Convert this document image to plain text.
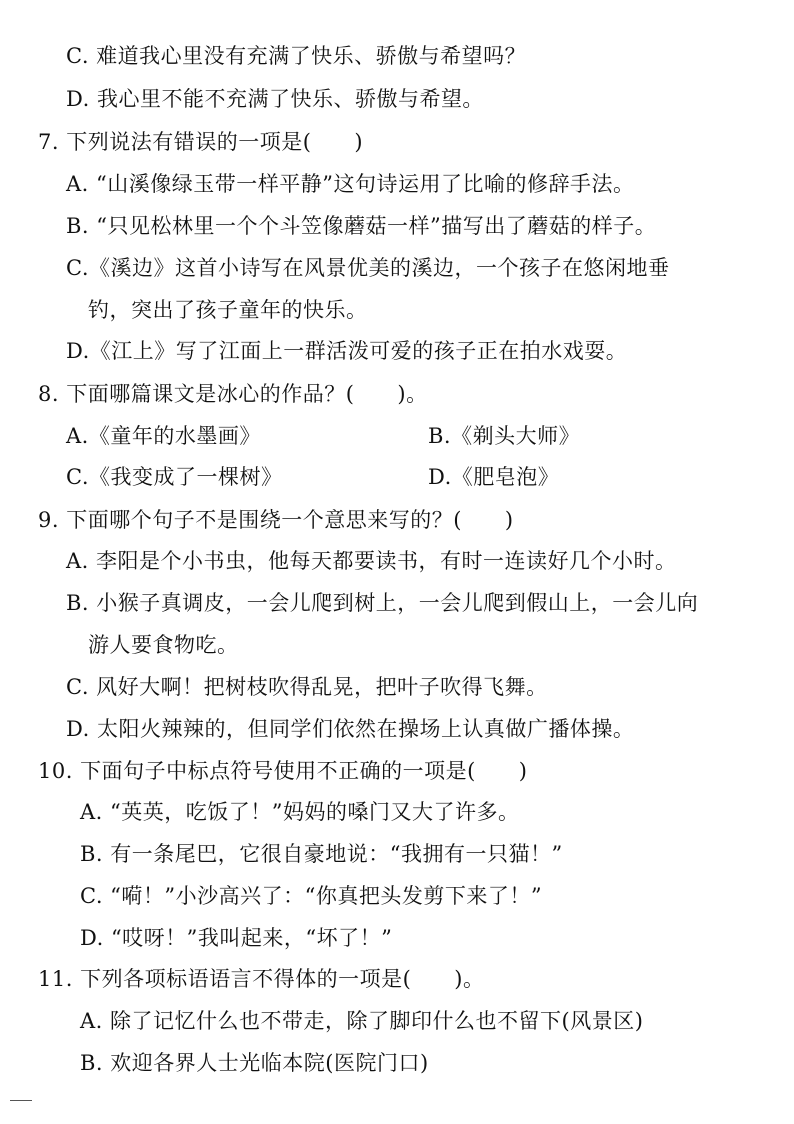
C. 难道我心里没有充满了快乐、骄傲与希望吗？
D. 我心里不能不充满了快乐、骄傲与希望。
7. 下列说法有错误的一项是(　　)
A. “山溪像绿玉带一样平静”这句诗运用了比喻的修辞手法。
B. “只见松林里一个个斗笠像蘑菇一样”描写出了蘑菇的样子。
C.《溪边》这首小诗写在风景优美的溪边，一个孩子在悠闲地垂
钓，突出了孩子童年的快乐。
D.《江上》写了江面上一群活泼可爱的孩子正在拍水戏耍。
8. 下面哪篇课文是冰心的作品？(　　)。
A.《童年的水墨画》	B.《剃头大师》
C.《我变成了一棵树》	D.《肥皂泡》
9. 下面哪个句子不是围绕一个意思来写的？(　　)
A. 李阳是个小书虫，他每天都要读书，有时一连读好几个小时。
B. 小猴子真调皮，一会儿爬到树上，一会儿爬到假山上，一会儿向
游人要食物吃。
C. 风好大啊！把树枝吹得乱晃，把叶子吹得飞舞。
D. 太阳火辣辣的，但同学们依然在操场上认真做广播体操。
10. 下面句子中标点符号使用不正确的一项是(　　)
A. “英英，吃饭了！”妈妈的嗓门又大了许多。
B. 有一条尾巴，它很自豪地说：“我拥有一只猫！”
C. “嗬！”小沙高兴了：“你真把头发剪下来了！”
D. “哎呀！”我叫起来，“坏了！”
11. 下列各项标语语言不得体的一项是(　　)。
A. 除了记忆什么也不带走，除了脚印什么也不留下(风景区)
B. 欢迎各界人士光临本院(医院门口)
